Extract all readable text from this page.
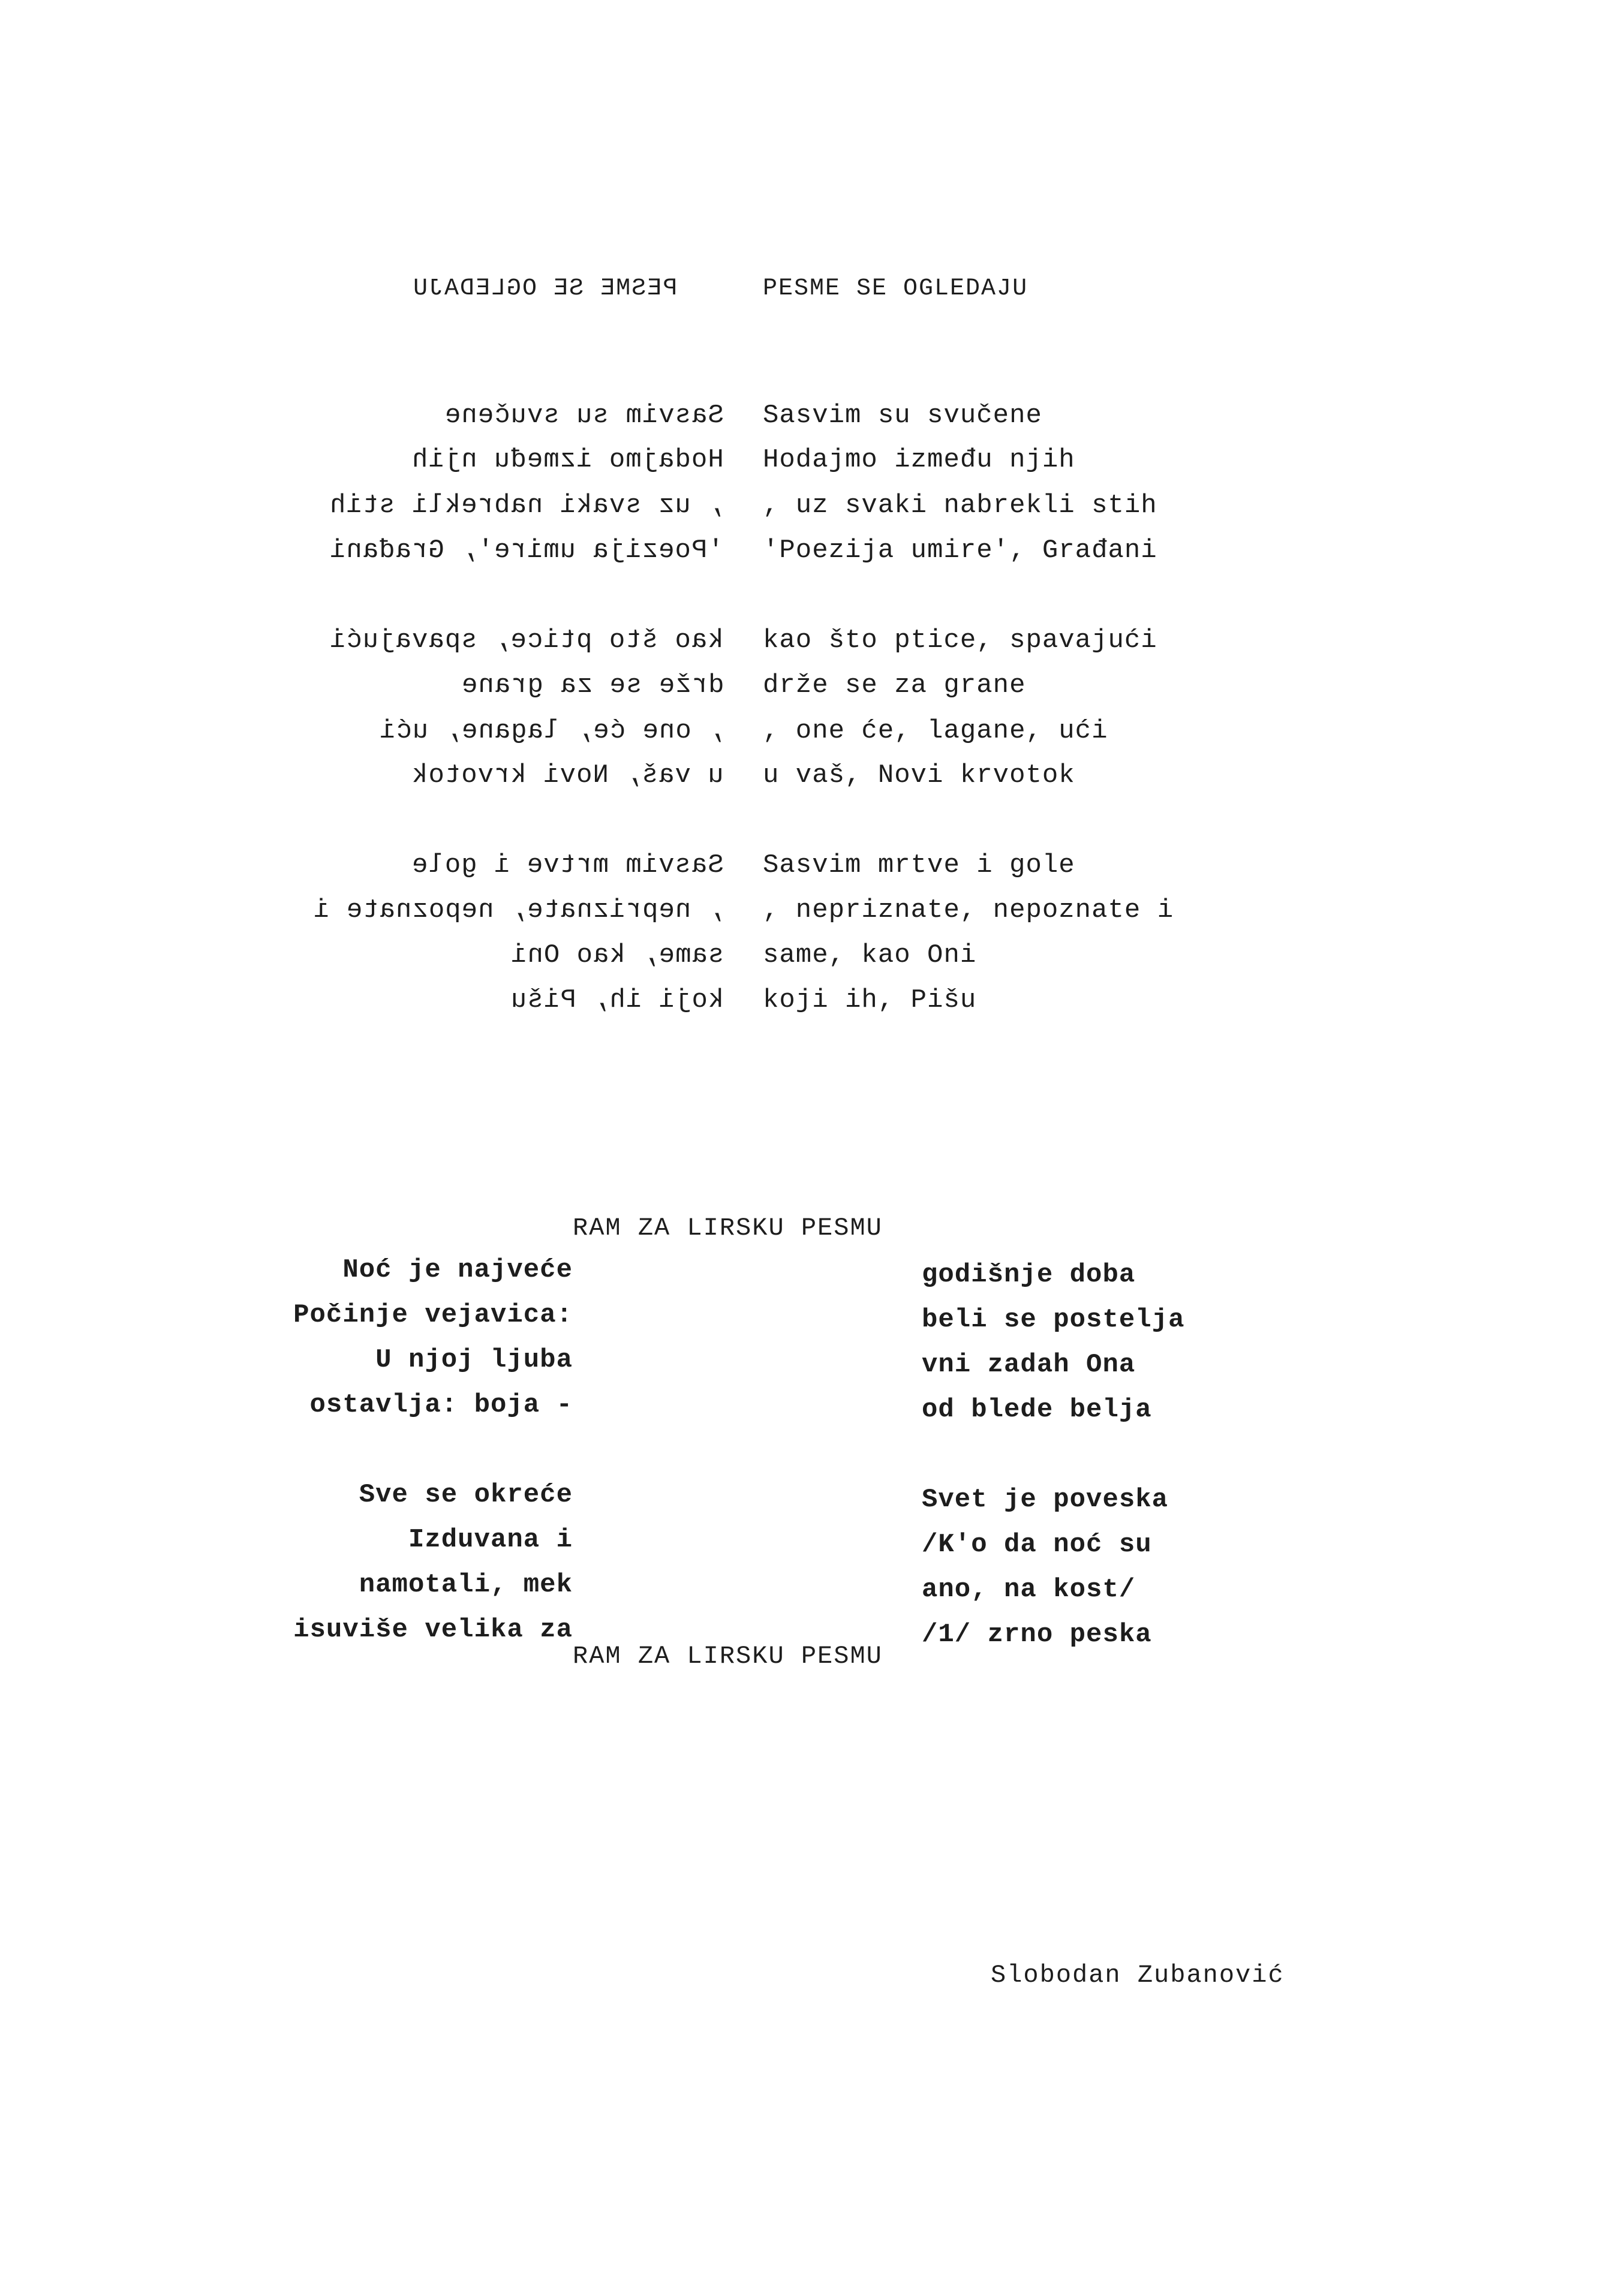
PESME SE OGLEDAJU	PESME SE OGLEDAJU
Sasvim su svučene
Hodajmo između njih
, uz svaki nabrekli stih
'Poezija umire', Građani
kao što ptice, spavajući
drže se za grane
, one će, lagane, ući
u vaš, Novi krvotok
Sasvim mrtve i gole
, nepriznate, nepoznate i
same, kao Oni
koji ih, Pišu
Sasvim su svučene
Hodajmo između njih
, uz svaki nabrekli stih
'Poezija umire', Građani
kao što ptice, spavajući
drže se za grane
, one će, lagane, ući
u vaš, Novi krvotok
Sasvim mrtve i gole
, nepriznate, nepoznate i
same, kao Oni
koji ih, Pišu
RAM ZA LIRSKU PESMU
RAM ZA LIRSKU PESMU
Noć je najveće
Počinje vejavica:
U njoj ljuba
ostavlja: boja -
Sve se okreće
Izduvana i
namotali, mek
isuviše velika za
godišnje doba
beli se postelja
vni zadah Ona
od blede belja
Svet je poveska
/K'o da noć su
ano, na kost/
/1/ zrno peska
Slobodan Zubanović
